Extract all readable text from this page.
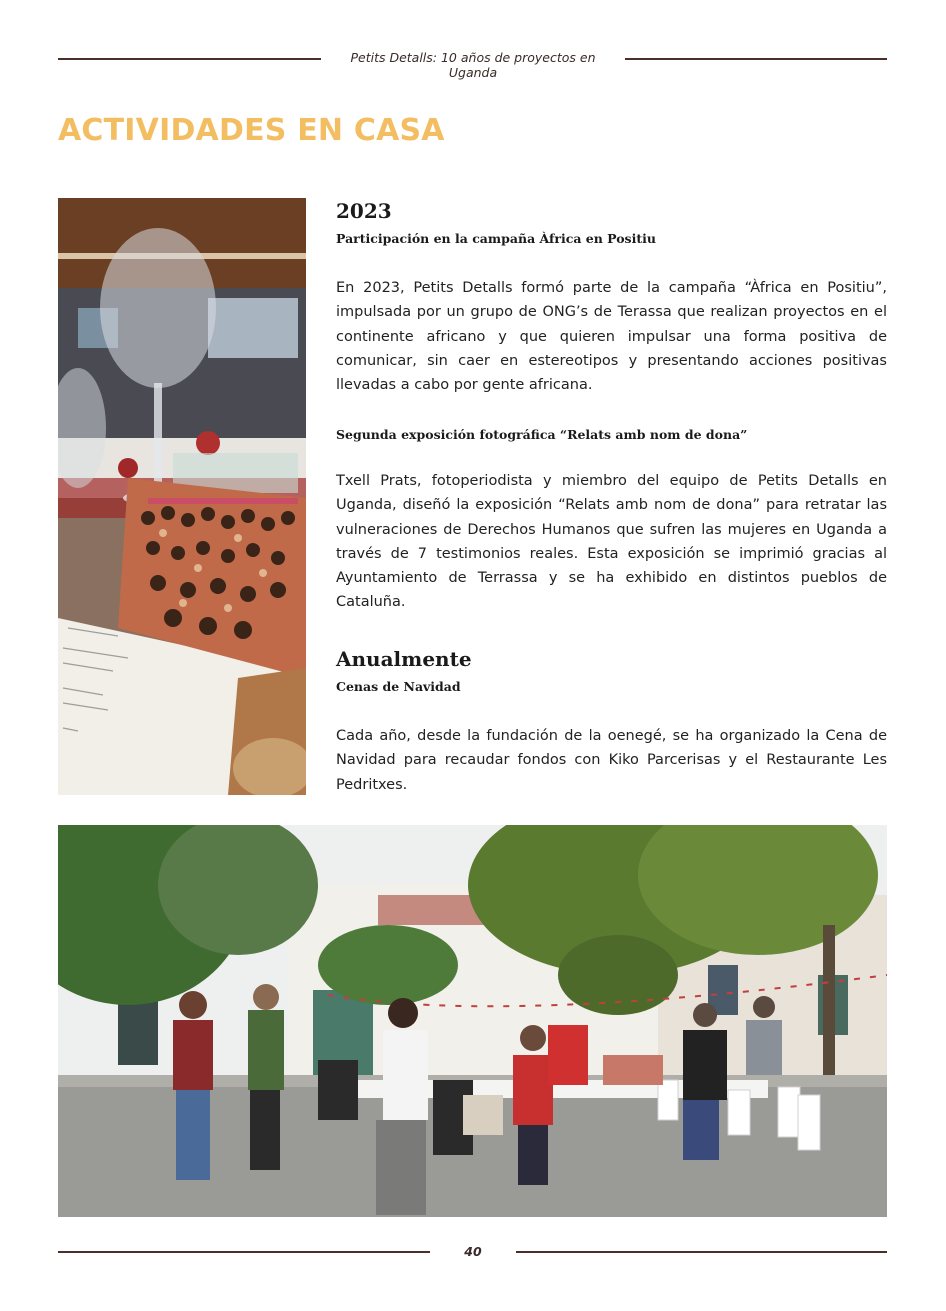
Petits Detalls: 10 años de proyectos en Uganda
ACTIVIDADES EN CASA
2023

Participación en la campaña Àfrica en Positiu

En 2023, Petits Detalls formó parte de la campaña “Àfrica en Positiu”, impulsada por un grupo de ONG’s de Terassa que realizan proyectos en el continente africano y que quieren impulsar una forma positiva de comunicar, sin caer en estereotipos y presentando acciones positivas llevadas a cabo por gente africana.

Segunda exposición fotográfica “Relats amb nom de dona”

Txell Prats, fotoperiodista y miembro del equipo de Petits Detalls en Uganda, diseñó la exposición “Relats amb nom de dona” para retratar las vulneraciones de Derechos Humanos que sufren las mujeres en Uganda a través de 7 testimonios reales. Esta exposición se imprimió gracias al Ayuntamiento de Terrassa y se ha exhibido en distintos pueblos de Cataluña.

Anualmente

Cenas de Navidad

Cada año, desde la fundación de la oenegé, se ha organizado la Cena de Navidad para recaudar fondos con Kiko Parcerisas y el Restaurante Les Pedritxes.

40
